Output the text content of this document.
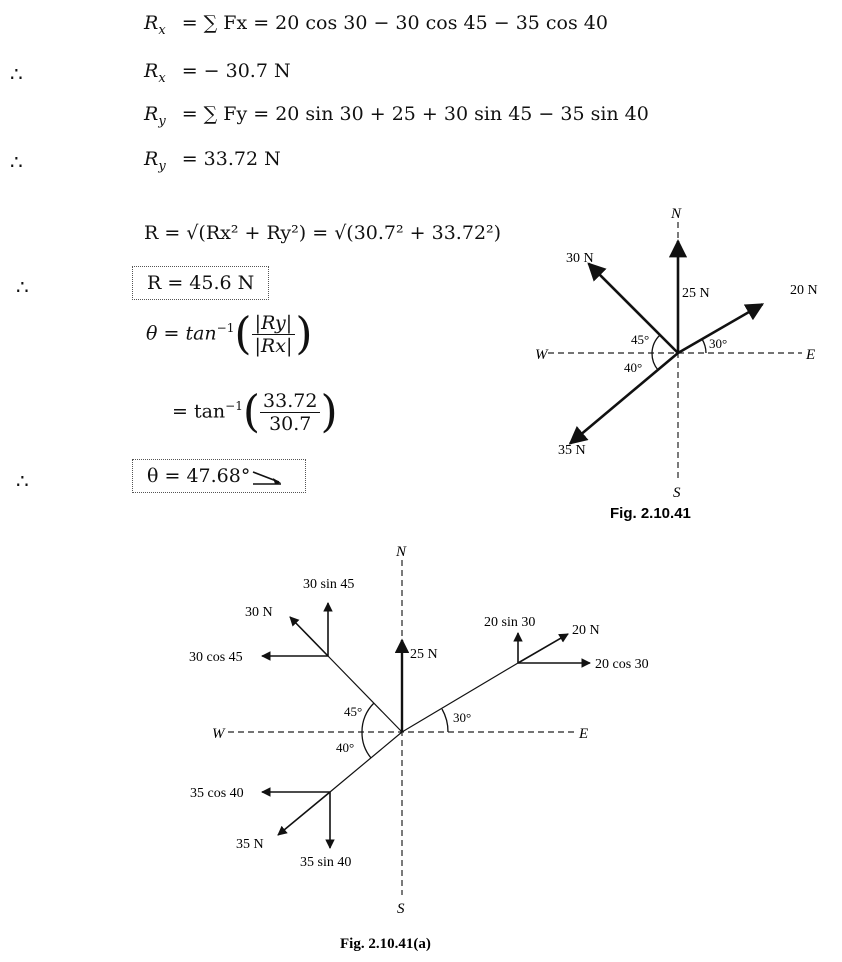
$R_x$ = ∑ Fx = 20 cos 30 − 30 cos 45 − 35 cos 40
∴	$R_x$ = − 30.7 N
$R_y$ = ∑ Fy = 20 sin 30 + 25 + 30 sin 45 − 35 sin 40
∴	$R_y = 33.72$ N
R = √(Rx² + Ry²) = √(30.7² + 33.72²)
∴	R = 45.6 N
$\theta = \tan^{-1}( \frac{|Ry|}{|Rx|}$ )
= $\tan^{-1}( \frac{33.72}{30.7}$ )
∴	θ = 47.68°
N
S
W	E
20 N
25 N
30 N
35 N
30°
45°
40°
Fig. 2.10.41
N
S
W	E
20 N
20 sin 30
20 cos 30
25 N
30 sin 45
30 N
30 cos 45
35 cos 40
35 N
35 sin 40
30°
45°
40°
Fig. 2.10.41(a)
